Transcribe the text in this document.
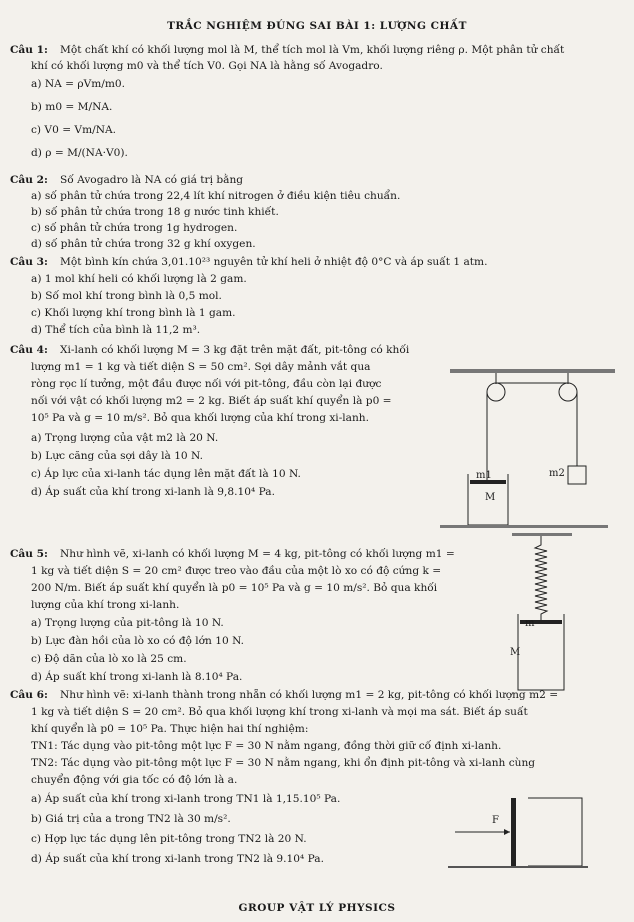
TRẮC NGHIỆM ĐÚNG SAI BÀI 1: LƯỢNG CHẤT
Câu 1: Một chất khí có khối lượng mol là M, thể tích mol là Vm, khối lượng riêng ρ. Một phân tử chất
khí có khối lượng m0 và thể tích V0. Gọi NA là hằng số Avogadro.
a) NA = ρVm/m0.
b) m0 = M/NA.
c) V0 = Vm/NA.
d) ρ = M/(NA·V0).
Câu 2: Số Avogadro là NA có giá trị bằng
a) số phân tử chứa trong 22,4 lít khí nitrogen ở điều kiện tiêu chuẩn.
b) số phân tử chứa trong 18 g nước tinh khiết.
c) số phân tử chứa trong 1g hydrogen.
d) số phân tử chứa trong 32 g khí oxygen.
Câu 3: Một bình kín chứa 3,01.10²³ nguyên tử khí heli ở nhiệt độ 0°C và áp suất 1 atm.
a) 1 mol khí heli có khối lượng là 2 gam.
b) Số mol khí trong bình là 0,5 mol.
c) Khối lượng khí trong bình là 1 gam.
d) Thể tích của bình là 11,2 m³.
Câu 4: Xi-lanh có khối lượng M = 3 kg đặt trên mặt đất, pit-tông có khối
lượng m1 = 1 kg và tiết diện S = 50 cm². Sợi dây mảnh vắt qua
ròng rọc lí tưởng, một đầu được nối với pit-tông, đầu còn lại được
nối với vật có khối lượng m2 = 2 kg. Biết áp suất khí quyển là p0 =
10⁵ Pa và g = 10 m/s². Bỏ qua khối lượng của khí trong xi-lanh.
a) Trọng lượng của vật m2 là 20 N.
b) Lực căng của sợi dây là 10 N.
c) Áp lực của xi-lanh tác dụng lên mặt đất là 10 N.
d) Áp suất của khí trong xi-lanh là 9,8.10⁴ Pa.
m1	m2
M
Câu 5: Như hình vẽ, xi-lanh có khối lượng M = 4 kg, pit-tông có khối lượng m1 =
1 kg và tiết diện S = 20 cm² được treo vào đầu của một lò xo có độ cứng k =
200 N/m. Biết áp suất khí quyển là p0 = 10⁵ Pa và g = 10 m/s². Bỏ qua khối
lượng của khí trong xi-lanh.
a) Trọng lượng của pit-tông là 10 N.
b) Lực đàn hồi của lò xo có độ lớn 10 N.
c) Độ dãn của lò xo là 25 cm.
d) Áp suất khí trong xi-lanh là 8.10⁴ Pa.
m
M
Câu 6: Như hình vẽ: xi-lanh thành trong nhẵn có khối lượng m1 = 2 kg, pit-tông có khối lượng m2 =
1 kg và tiết diện S = 20 cm². Bỏ qua khối lượng khí trong xi-lanh và mọi ma sát. Biết áp suất
khí quyển là p0 = 10⁵ Pa. Thực hiện hai thí nghiệm:
TN1: Tác dụng vào pit-tông một lực F = 30 N nằm ngang, đồng thời giữ cố định xi-lanh.
TN2: Tác dụng vào pit-tông một lực F = 30 N nằm ngang, khi ổn định pit-tông và xi-lanh cùng
chuyển động với gia tốc có độ lớn là a.
a) Áp suất của khí trong xi-lanh trong TN1 là 1,15.10⁵ Pa.
b) Giá trị của a trong TN2 là 30 m/s².
c) Hợp lực tác dụng lên pit-tông trong TN2 là 20 N.
d) Áp suất của khí trong xi-lanh trong TN2 là 9.10⁴ Pa.
F
GROUP VẬT LÝ PHYSICS
